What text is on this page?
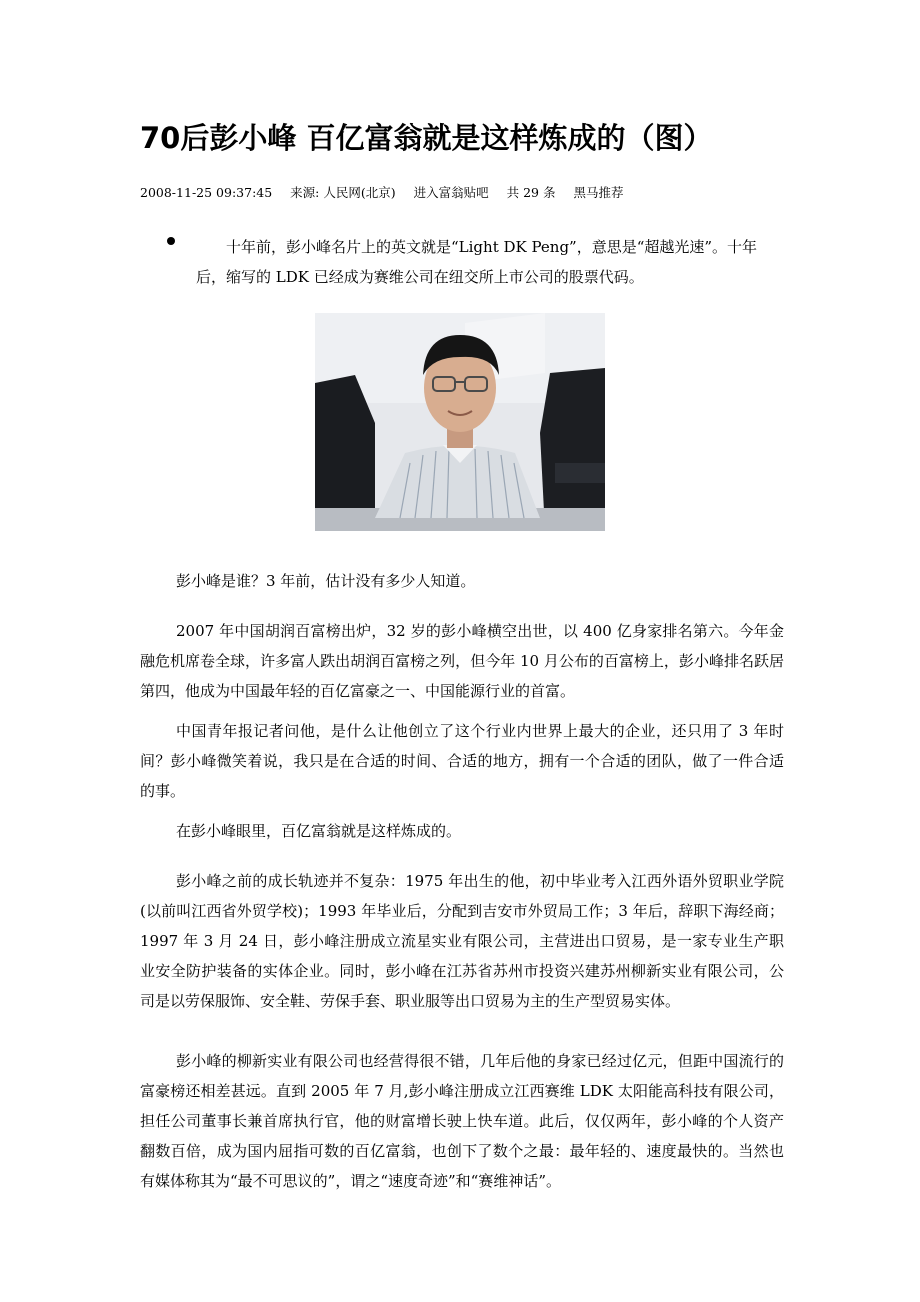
70后彭小峰 百亿富翁就是这样炼成的（图）
2008-11-25 09:37:45 来源: 人民网(北京) 进入富翁贴吧 共 29 条 黑马推荐
十年前，彭小峰名片上的英文就是“Light DK Peng”，意思是“超越光速”。十年后，缩写的 LDK 已经成为赛维公司在纽交所上市公司的股票代码。

彭小峰是谁？3 年前，估计没有多少人知道。

2007 年中国胡润百富榜出炉，32 岁的彭小峰横空出世，以 400 亿身家排名第六。今年金融危机席卷全球，许多富人跌出胡润百富榜之列，但今年 10 月公布的百富榜上，彭小峰排名跃居第四，他成为中国最年轻的百亿富豪之一、中国能源行业的首富。

中国青年报记者问他，是什么让他创立了这个行业内世界上最大的企业，还只用了 3 年时间？彭小峰微笑着说，我只是在合适的时间、合适的地方，拥有一个合适的团队，做了一件合适的事。

在彭小峰眼里，百亿富翁就是这样炼成的。

彭小峰之前的成长轨迹并不复杂：1975 年出生的他，初中毕业考入江西外语外贸职业学院(以前叫江西省外贸学校)；1993 年毕业后，分配到吉安市外贸局工作；3 年后，辞职下海经商；1997 年 3 月 24 日，彭小峰注册成立流星实业有限公司，主营进出口贸易，是一家专业生产职业安全防护装备的实体企业。同时，彭小峰在江苏省苏州市投资兴建苏州柳新实业有限公司，公司是以劳保服饰、安全鞋、劳保手套、职业服等出口贸易为主的生产型贸易实体。

彭小峰的柳新实业有限公司也经营得很不错，几年后他的身家已经过亿元，但距中国流行的富豪榜还相差甚远。直到 2005 年 7 月,彭小峰注册成立江西赛维 LDK 太阳能高科技有限公司，担任公司董事长兼首席执行官，他的财富增长驶上快车道。此后，仅仅两年，彭小峰的个人资产翻数百倍，成为国内屈指可数的百亿富翁，也创下了数个之最：最年轻的、速度最快的。当然也有媒体称其为“最不可思议的”，谓之“速度奇迹”和“赛维神话”。
